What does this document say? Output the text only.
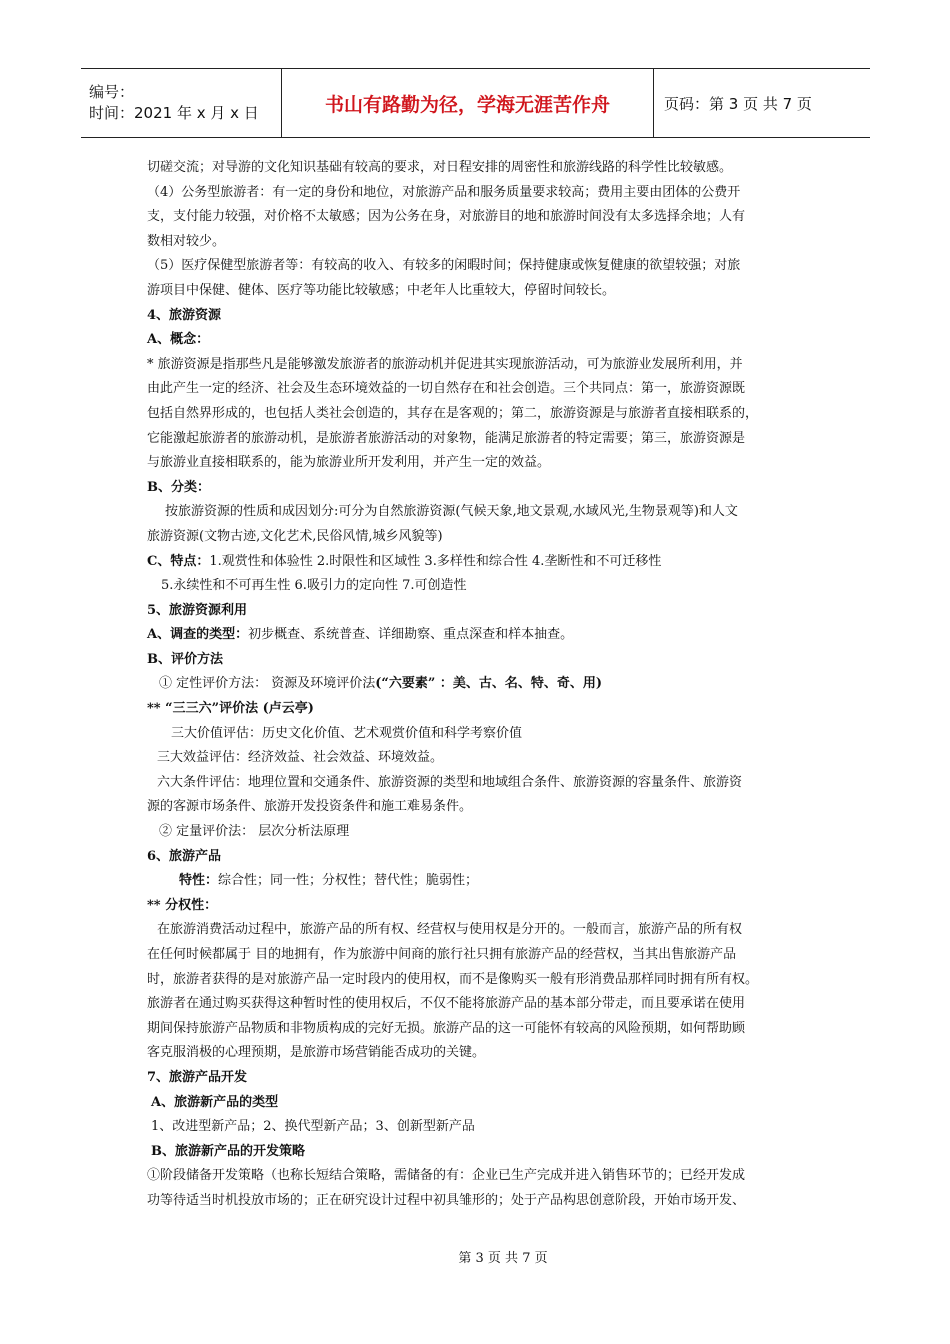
编号：
时间：2021 年 x 月 x 日	书山有路勤为径，学海无涯苦作舟	页码：第 3 页 共 7 页

切磋交流；对导游的文化知识基础有较高的要求，对日程安排的周密性和旅游线路的科学性比较敏感。

（4）公务型旅游者：有一定的身份和地位，对旅游产品和服务质量要求较高；费用主要由团体的公费开

支，支付能力较强，对价格不太敏感；因为公务在身，对旅游目的地和旅游时间没有太多选择余地；人有

数相对较少。

（5）医疗保健型旅游者等：有较高的收入、有较多的闲暇时间；保持健康或恢复健康的欲望较强；对旅

游项目中保健、健体、医疗等功能比较敏感；中老年人比重较大，停留时间较长。

4、旅游资源

A、概念：

* 旅游资源是指那些凡是能够激发旅游者的旅游动机并促进其实现旅游活动，可为旅游业发展所利用，并

由此产生一定的经济、社会及生态环境效益的一切自然存在和社会创造。三个共同点：第一，旅游资源既

包括自然界形成的，也包括人类社会创造的，其存在是客观的；第二，旅游资源是与旅游者直接相联系的，

它能激起旅游者的旅游动机，是旅游者旅游活动的对象物，能满足旅游者的特定需要；第三，旅游资源是

与旅游业直接相联系的，能为旅游业所开发利用，并产生一定的效益。

B、分类：

按旅游资源的性质和成因划分:可分为自然旅游资源(气候天象,地文景观,水域风光,生物景观等)和人文

旅游资源(文物古迹,文化艺术,民俗风情,城乡风貌等)

C、特点：1.观赏性和体验性 2.时限性和区域性 3.多样性和综合性 4.垄断性和不可迁移性

5.永续性和不可再生性 6.吸引力的定向性 7.可创造性

5、旅游资源利用

A、调查的类型：初步概查、系统普查、详细勘察、重点深查和样本抽查。

B、评价方法

① 定性评价方法： 资源及环境评价法(“六要素” ：美、古、名、特、奇、用)

** “三三六”评价法 (卢云亭)

三大价值评估：历史文化价值、艺术观赏价值和科学考察价值

三大效益评估：经济效益、社会效益、环境效益。

六大条件评估：地理位置和交通条件、旅游资源的类型和地域组合条件、旅游资源的容量条件、旅游资

源的客源市场条件、旅游开发投资条件和施工难易条件。

② 定量评价法： 层次分析法原理

6、旅游产品

特性：综合性；同一性；分权性；替代性；脆弱性；

** 分权性：

在旅游消费活动过程中，旅游产品的所有权、经营权与使用权是分开的。一般而言，旅游产品的所有权

在任何时候都属于 目的地拥有，作为旅游中间商的旅行社只拥有旅游产品的经营权，当其出售旅游产品

时，旅游者获得的是对旅游产品一定时段内的使用权，而不是像购买一般有形消费品那样同时拥有所有权。

旅游者在通过购买获得这种暂时性的使用权后，不仅不能将旅游产品的基本部分带走，而且要承诺在使用

期间保持旅游产品物质和非物质构成的完好无损。旅游产品的这一可能怀有较高的风险预期，如何帮助顾

客克服消极的心理预期，是旅游市场营销能否成功的关键。

7、旅游产品开发

A、旅游新产品的类型

1、改进型新产品；2、换代型新产品；3、创新型新产品

B、旅游新产品的开发策略

①阶段储备开发策略（也称长短结合策略，需储备的有：企业已生产完成并进入销售环节的；已经开发成

功等待适当时机投放市场的；正在研究设计过程中初具雏形的；处于产品构思创意阶段，开始市场开发、

第 3 页 共 7 页
